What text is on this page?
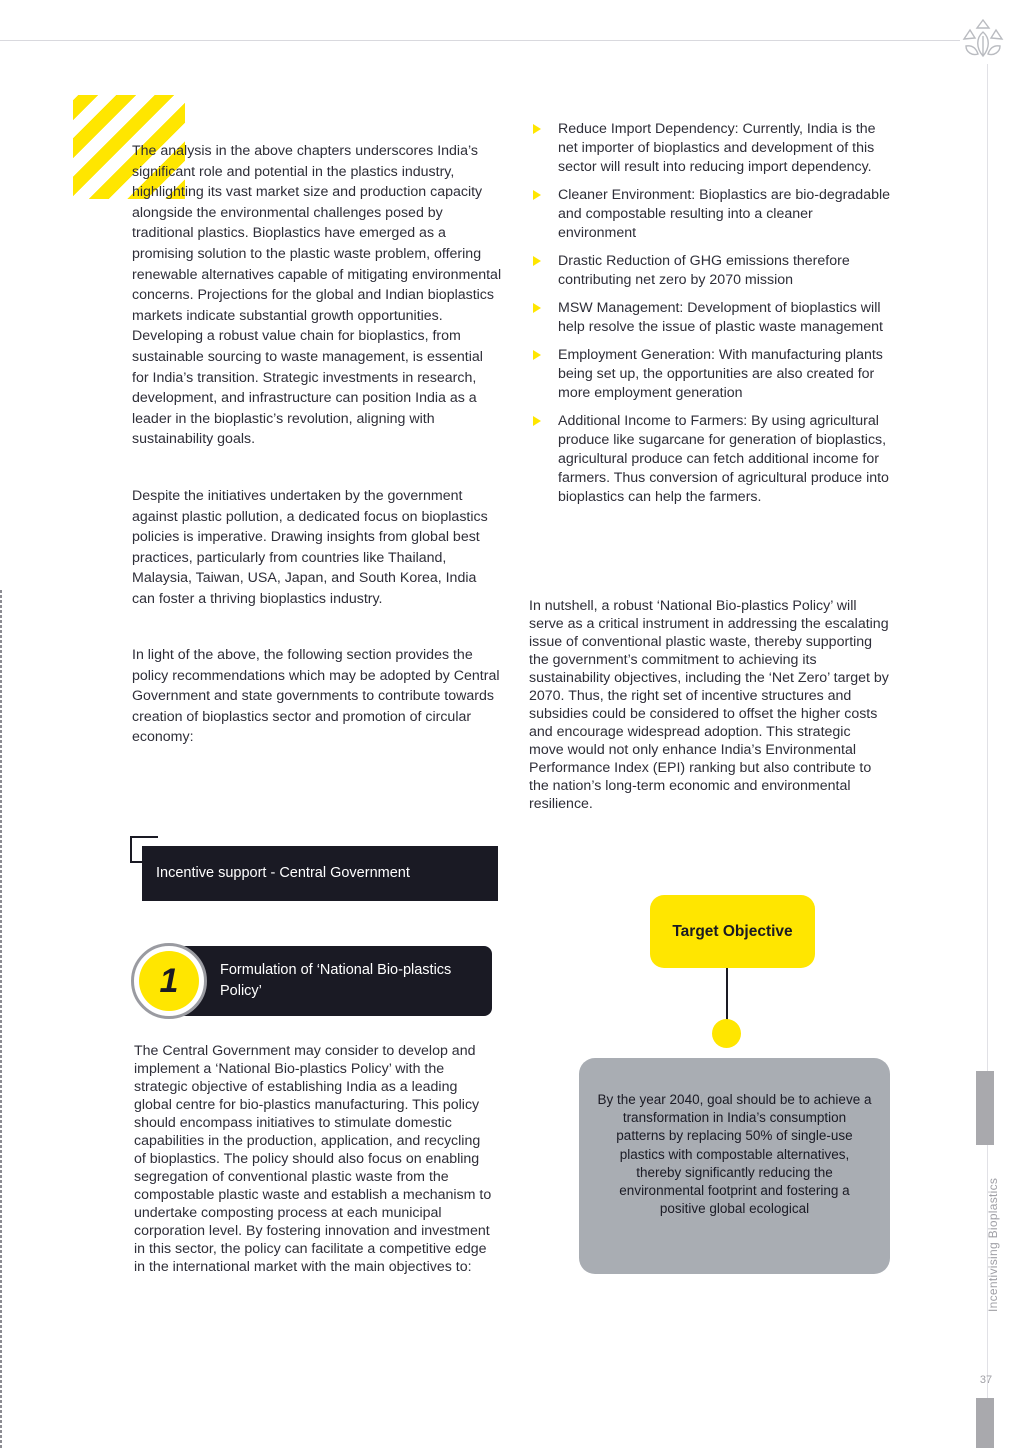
The analysis in the above chapters underscores India’s significant role and potential in the plastics industry, highlighting its vast market size and production capacity alongside the environmental challenges posed by traditional plastics. Bioplastics have emerged as a promising solution to the plastic waste problem, offering renewable alternatives capable of mitigating environmental concerns. Projections for the global and Indian bioplastics markets indicate substantial growth opportunities. Developing a robust value chain for bioplastics, from sustainable sourcing to waste management, is essential for India’s transition. Strategic investments in research, development, and infrastructure can position India as a leader in the bioplastic’s revolution, aligning with sustainability goals.

Despite the initiatives undertaken by the government against plastic pollution, a dedicated focus on bioplastics policies is imperative. Drawing insights from global best practices, particularly from countries like Thailand, Malaysia, Taiwan, USA, Japan, and South Korea, India can foster a thriving bioplastics industry.

In light of the above, the following section provides the policy recommendations which may be adopted by Central Government and state governments to contribute towards creation of bioplastics sector and promotion of circular economy:

Reduce Import Dependency: Currently, India is the net importer of bioplastics and development of this sector will result into reducing import dependency.
Cleaner Environment: Bioplastics are bio-degradable and compostable resulting into a cleaner environment
Drastic Reduction of GHG emissions therefore contributing net zero by 2070 mission
MSW Management: Development of bioplastics will help resolve the issue of plastic waste management
Employment Generation: With manufacturing plants being set up, the opportunities are also created for more employment generation
Additional Income to Farmers: By using agricultural produce like sugarcane for generation of bioplastics, agricultural produce can fetch additional income for farmers. Thus conversion of agricultural produce into bioplastics can help the farmers.

In nutshell, a robust ‘National Bio-plastics Policy’ will serve as a critical instrument in addressing the escalating issue of conventional plastic waste, thereby supporting the government’s commitment to achieving its sustainability objectives, including the ‘Net Zero’ target by 2070. Thus, the right set of incentive structures and subsidies could be considered to offset the higher costs and encourage widespread adoption. This strategic move would not only enhance India’s Environmental Performance Index (EPI) ranking but also contribute to the nation’s long-term economic and environmental resilience.

Incentive support - Central Government
Formulation of ‘National Bio-plastics Policy’
1

The Central Government may consider to develop and implement a ‘National Bio-plastics Policy’ with the strategic objective of establishing India as a leading global centre for bio-plastics manufacturing. This policy should encompass initiatives to stimulate domestic capabilities in the production, application, and recycling of bioplastics. The policy should also focus on enabling segregation of conventional plastic waste from the compostable plastic waste and establish a mechanism to undertake composting process at each municipal corporation level. By fostering innovation and investment in this sector, the policy can facilitate a competitive edge in the international market with the main objectives to:

Target Objective
By the year 2040, goal should be to achieve a transformation in India’s consumption patterns by replacing 50% of single-use plastics with compostable alternatives, thereby significantly reducing the environmental footprint and fostering a positive global ecological	Incentivising Bioplastics
37
